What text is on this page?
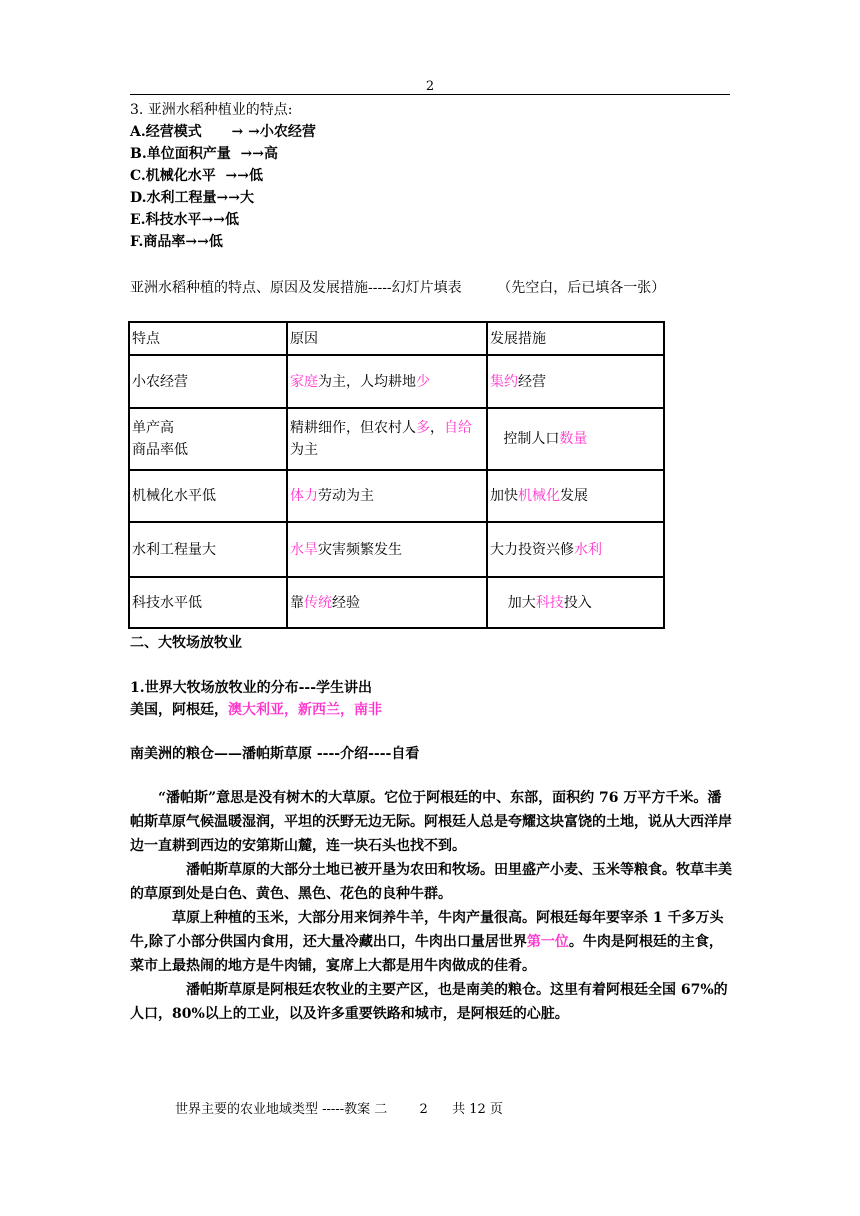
2
3. 亚洲水稻种植业的特点:
A.经营模式 → →小农经营
B.单位面积产量 →→高
C.机械化水平 →→低
D.水利工程量→→大
E.科技水平→→低
F.商品率→→低
亚洲水稻种植的特点、原因及发展措施-----幻灯片填表        （先空白，后已填各一张）
特点	原因	发展措施
小农经营	家庭为主，人均耕地少	集约经营
单产高
商品率低	精耕细作，但农村人多，自给为主	控制人口数量
机械化水平低	体力劳动为主	加快机械化发展
水利工程量大	水旱灾害频繁发生	大力投资兴修水利
科技水平低	靠传统经验	加大科技投入
二、大牧场放牧业
1.世界大牧场放牧业的分布---学生讲出
美国，阿根廷，澳大利亚，新西兰，南非
南美洲的粮仓——潘帕斯草原 ----介绍----自看
“潘帕斯”意思是没有树木的大草原。它位于阿根廷的中、东部，面积约 76 万平方千米。潘帕斯草原气候温暖湿润，平坦的沃野无边无际。阿根廷人总是夸耀这块富饶的土地，说从大西洋岸边一直耕到西边的安第斯山麓，连一块石头也找不到。
潘帕斯草原的大部分土地已被开垦为农田和牧场。田里盛产小麦、玉米等粮食。牧草丰美的草原到处是白色、黄色、黑色、花色的良种牛群。
草原上种植的玉米，大部分用来饲养牛羊，牛肉产量很高。阿根廷每年要宰杀 1 千多万头牛,除了小部分供国内食用，还大量冷藏出口，牛肉出口量居世界第一位。牛肉是阿根廷的主食，菜市上最热闹的地方是牛肉铺，宴席上大都是用牛肉做成的佳肴。
潘帕斯草原是阿根廷农牧业的主要产区，也是南美的粮仓。这里有着阿根廷全国 67%的人口，80%以上的工业，以及许多重要铁路和城市，是阿根廷的心脏。
世界主要的农业地域类型 -----教案 二 2 共 12 页
